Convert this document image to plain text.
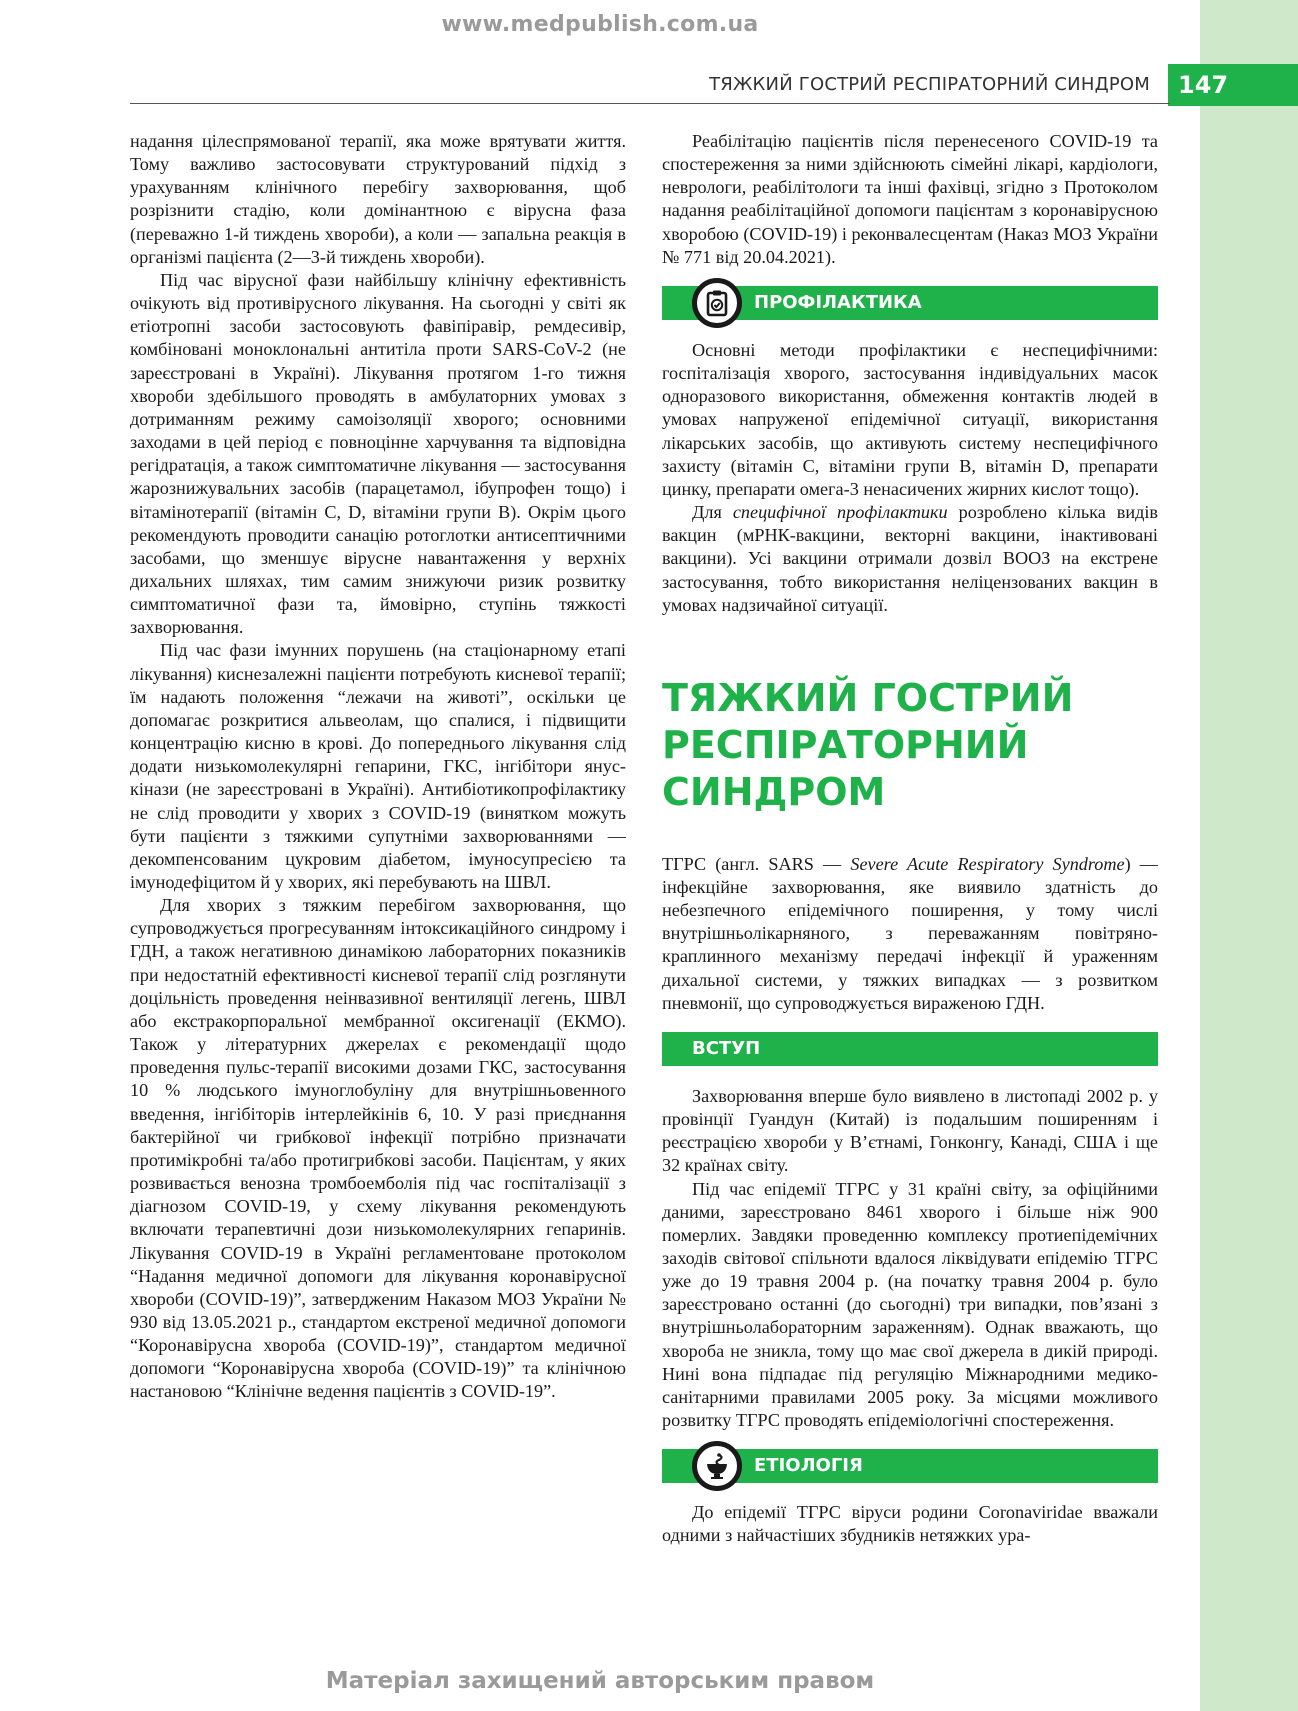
www.medpublish.com.ua
ТЯЖКИЙ ГОСТРИЙ РЕСПІРАТОРНИЙ СИНДРОМ	147

надання цілеспрямованої терапії, яка може врятувати життя. Тому важливо застосовувати структурований підхід з урахуванням клінічного перебігу захворювання, щоб розрізнити стадію, коли домінантною є вірусна фаза (переважно 1-й тиждень хвороби), а коли — запальна реакція в організмі пацієнта (2—3-й тиждень хвороби).

Під час вірусної фази найбільшу клінічну ефективність очікують від противірусного лікування. На сьогодні у світі як етіотропні засоби застосовують фавіпіравір, ремдесивір, комбіновані моноклональні антитіла проти SARS-CoV-2 (не зареєстровані в Україні). Лікування протягом 1-го тижня хвороби здебільшого проводять в амбулаторних умовах з дотриманням режиму самоізоляції хворого; основними заходами в цей період є повноцінне харчування та відповідна регідратація, а також симптоматичне лікування — застосування жарознижувальних засобів (парацетамол, ібупрофен тощо) і вітамінотерапії (вітамін С, D, вітаміни групи В). Окрім цього рекомендують проводити санацію ротоглотки антисептичними засобами, що зменшує вірусне навантаження у верхніх дихальних шляхах, тим самим знижуючи ризик розвитку симптоматичної фази та, ймовірно, ступінь тяжкості захворювання.

Під час фази імунних порушень (на стаціонарному етапі лікування) киснезалежні пацієнти потребують кисневої терапії; їм надають положення “лежачи на животі”, оскільки це допомагає розкритися альвеолам, що спалися, і підвищити концентрацію кисню в крові. До попереднього лікування слід додати низькомолекулярні гепарини, ГКС, інгібітори янус-кінази (не зареєстровані в Україні). Антибіотикопрофілактику не слід проводити у хворих з COVID-19 (винятком можуть бути пацієнти з тяжкими супутніми захворюваннями — декомпенсованим цукровим діабетом, імуносупресією та імунодефіцитом й у хворих, які перебувають на ШВЛ.

Для хворих з тяжким перебігом захворювання, що супроводжується прогресуванням інтоксикаційного синдрому і ГДН, а також негативною динамікою лабораторних показників при недостатній ефективності кисневої терапії слід розглянути доцільність проведення неінвазивної вентиляції легень, ШВЛ або екстракорпоральної мембранної оксигенації (ЕКМО). Також у літературних джерелах є рекомендації щодо проведення пульс-терапії високими дозами ГКС, застосування 10 % людського імуноглобуліну для внутрішньовенного введення, інгібіторів інтерлейкінів 6, 10. У разі приєднання бактерійної чи грибкової інфекції потрібно призначати протимікробні та/або протигрибкові засоби. Пацієнтам, у яких розвивається венозна тромбоемболія під час госпіталізації з діагнозом COVID-19, у схему лікування рекомендують включати терапевтичні дози низькомолекулярних гепаринів. Лікування COVID-19 в Україні регламентоване протоколом “Надання медичної допомоги для лікування коронавірусної хвороби (COVID-19)”, затвердженим Наказом МОЗ України № 930 від 13.05.2021 р., стандартом екстреної медичної допомоги “Коронавірусна хвороба (COVID-19)”, стандартом медичної допомоги “Коронавірусна хвороба (COVID-19)” та клінічною настановою “Клінічне ведення пацієнтів з COVID-19”.

Реабілітацію пацієнтів після перенесеного COVID-19 та спостереження за ними здійснюють сімейні лікарі, кардіологи, неврологи, реабілітологи та інші фахівці, згідно з Протоколом надання реабілітаційної допомоги пацієнтам з коронавірусною хворобою (COVID-19) і реконвалесцентам (Наказ МОЗ України № 771 від 20.04.2021).

ПРОФІЛАКТИКА

Основні методи профілактики є неспецифічними: госпіталізація хворого, застосування індивідуальних масок одноразового використання, обмеження контактів людей в умовах напруженої епідемічної ситуації, використання лікарських засобів, що активують систему неспецифічного захисту (вітамін С, вітаміни групи В, вітамін D, препарати цинку, препарати омега-3 ненасичених жирних кислот тощо).

Для специфічної профілактики розроблено кілька видів вакцин (мРНК-вакцини, векторні вакцини, інактивовані вакцини). Усі вакцини отримали дозвіл ВООЗ на екстрене застосування, тобто використання неліцензованих вакцин в умовах надзичайної ситуації.

ТЯЖКИЙ ГОСТРИЙ

РЕСПІРАТОРНИЙ СИНДРОМ

ТГРС (англ. SARS — Severe Acute Respiratory Syndrome) — інфекційне захворювання, яке виявило здатність до небезпечного епідемічного поширення, у тому числі внутрішньолікарняного, з переважанням повітряно-краплинного механізму передачі інфекції й ураженням дихальної системи, у тяжких випадках — з розвитком пневмонії, що супроводжується вираженою ГДН.

ВСТУП

Захворювання вперше було виявлено в листопаді 2002 р. у провінції Гуандун (Китай) із подальшим поширенням і реєстрацією хвороби у В’єтнамі, Гонконгу, Канаді, США і ще 32 країнах світу.

Під час епідемії ТГРС у 31 країні світу, за офіційними даними, зареєстровано 8461 хворого і більше ніж 900 померлих. Завдяки проведенню комплексу протиепідемічних заходів світової спільноти вдалося ліквідувати епідемію ТГРС уже до 19 травня 2004 р. (на початку травня 2004 р. було зареєстровано останні (до сьогодні) три випадки, пов’язані з внутрішньолабораторним зараженням). Однак вважають, що хвороба не зникла, тому що має свої джерела в дикій природі. Нині вона підпадає під регуляцію Міжнародними медико-санітарними правилами 2005 року. За місцями можливого розвитку ТГРС проводять епідеміологічні спостереження.

ЕТІОЛОГІЯ

До епідемії ТГРС віруси родини Coronaviridae вважали одними з найчастіших збудників нетяжких ура-

Матеріал захищений авторським правом
